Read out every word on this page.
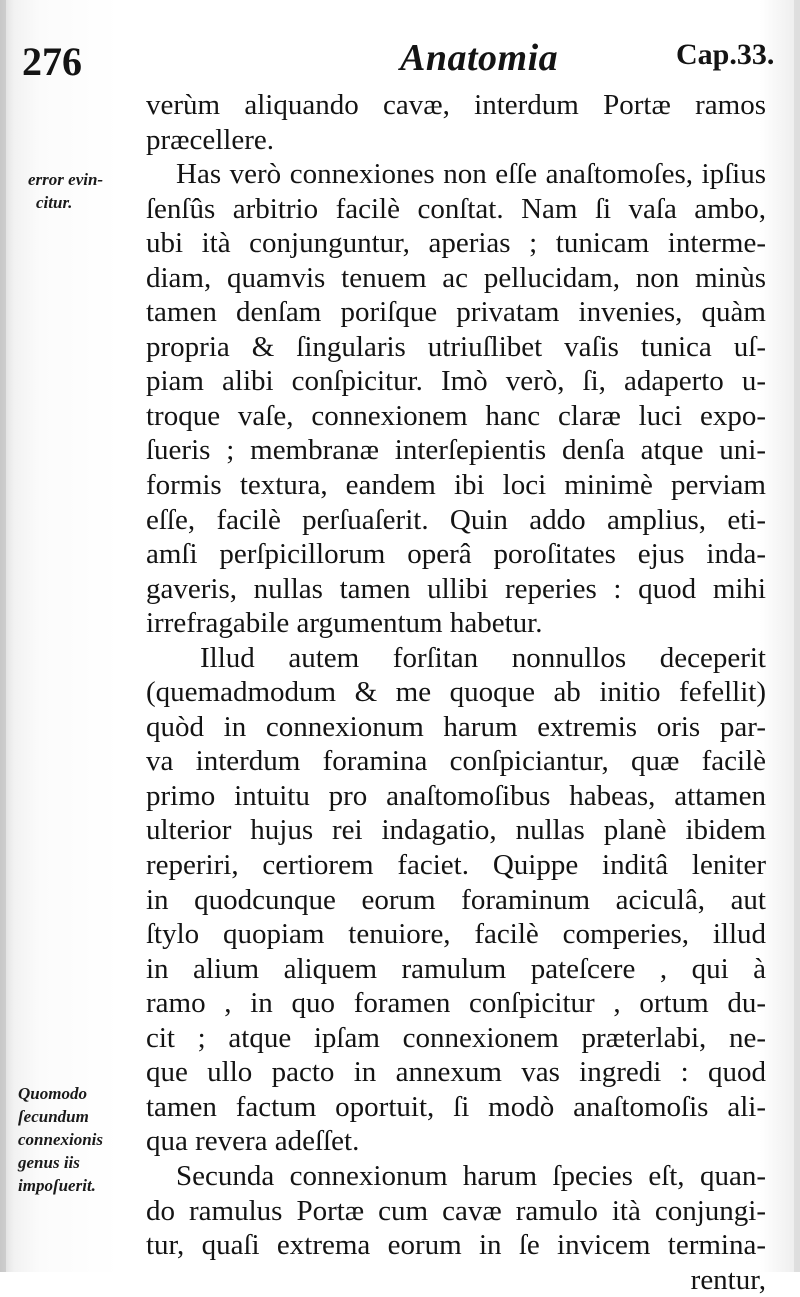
276	Anatomia	Cap.33.
error evin-
citur.
Quomodo
ſecundum
connexionis
genus iis
impoſuerit.
verùm aliquando cavæ, interdum Portæ ramos
præcellere.
Has verò connexiones non eſſe anaſtomoſes, ipſius
ſenſûs arbitrio facilè conſtat. Nam ſi vaſa ambo,
ubi ità conjunguntur, aperias ; tunicam interme-
diam, quamvis tenuem ac pellucidam, non minùs
tamen denſam poriſque privatam invenies, quàm
propria & ſingularis utriuſlibet vaſis tunica uſ-
piam alibi conſpicitur. Imò verò, ſi, adaperto u-
troque vaſe, connexionem hanc claræ luci expo-
ſueris ; membranæ interſepientis denſa atque uni-
formis textura, eandem ibi loci minimè perviam
eſſe, facilè perſuaſerit. Quin addo amplius, eti-
amſi perſpicillorum operâ poroſitates ejus inda-
gaveris, nullas tamen ullibi reperies : quod mihi
irrefragabile argumentum habetur.
Illud autem forſitan nonnullos deceperit
(quemadmodum & me quoque ab initio fefellit)
quòd in connexionum harum extremis oris par-
va interdum foramina conſpiciantur, quæ facilè
primo intuitu pro anaſtomoſibus habeas, attamen
ulterior hujus rei indagatio, nullas planè ibidem
reperiri, certiorem faciet. Quippe inditâ leniter
in quodcunque eorum foraminum aciculâ, aut
ſtylo quopiam tenuiore, facilè comperies, illud
in alium aliquem ramulum pateſcere , qui à
ramo , in quo foramen conſpicitur , ortum du-
cit ; atque ipſam connexionem præterlabi, ne-
que ullo pacto in annexum vas ingredi : quod
tamen factum oportuit, ſi modò anaſtomoſis ali-
qua revera adeſſet.
Secunda connexionum harum ſpecies eſt, quan-
do ramulus Portæ cum cavæ ramulo ità conjungi-
tur, quaſi extrema eorum in ſe invicem termina-
rentur,
